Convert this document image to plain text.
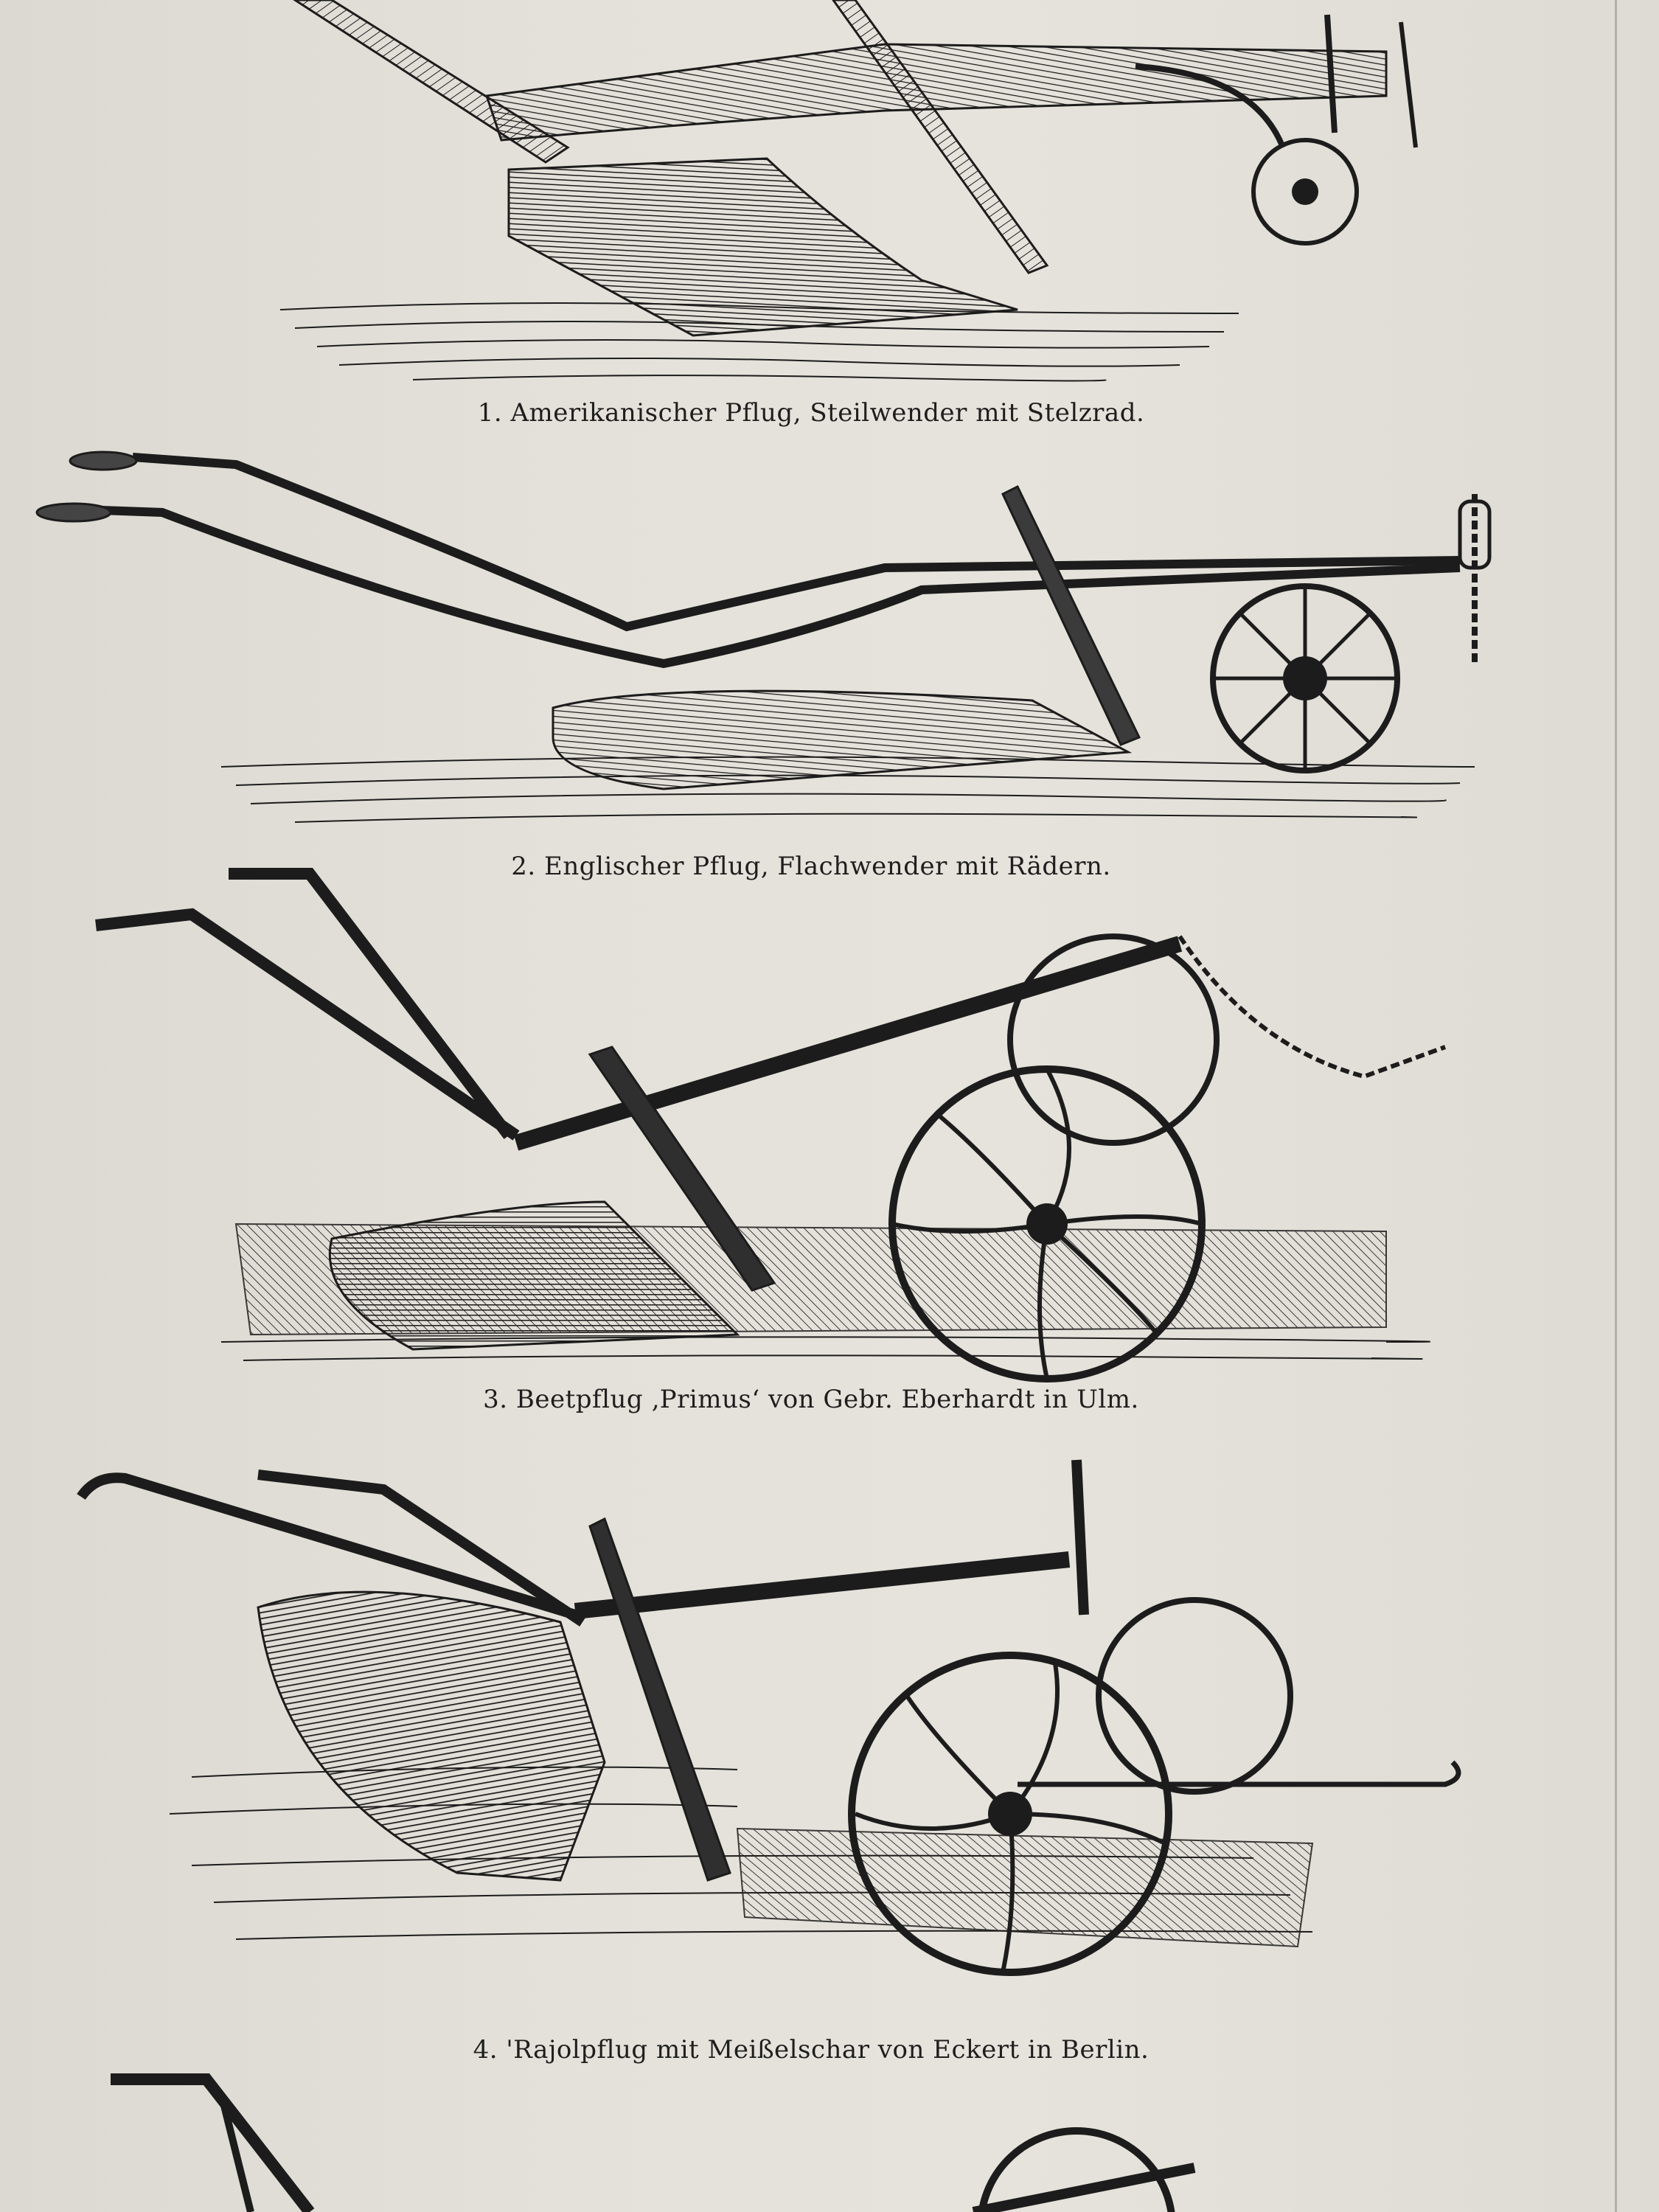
1. Amerikanischer Pflug, Steilwender mit Stelzrad.
2. Englischer Pflug, Flachwender mit Rädern.
3. Beetpflug ‚Primus‘ von Gebr. Eberhardt in Ulm.
4. 'Rajolpflug mit Meißelschar von Eckert in Berlin.
